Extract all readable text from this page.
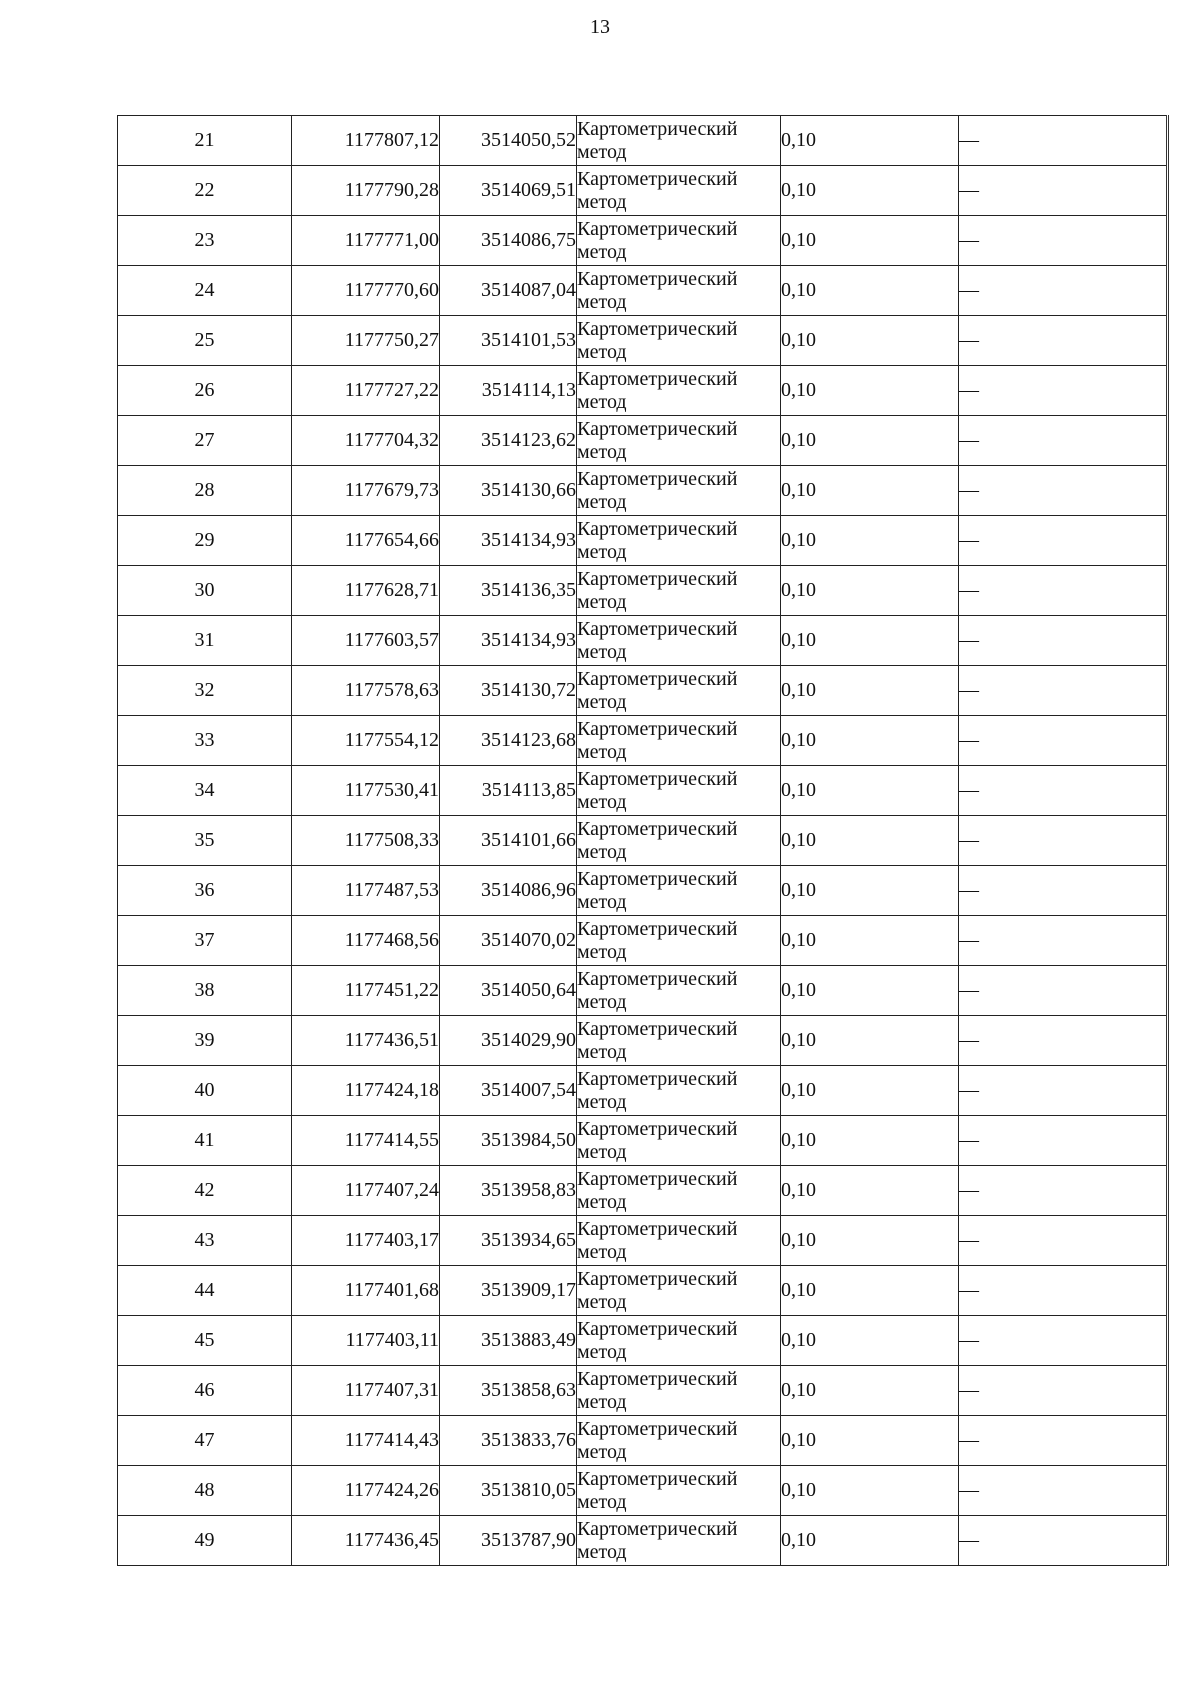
13
21	1177807,12	3514050,52	Картометрический
метод	0,10	—
22	1177790,28	3514069,51	Картометрический
метод	0,10	—
23	1177771,00	3514086,75	Картометрический
метод	0,10	—
24	1177770,60	3514087,04	Картометрический
метод	0,10	—
25	1177750,27	3514101,53	Картометрический
метод	0,10	—
26	1177727,22	3514114,13	Картометрический
метод	0,10	—
27	1177704,32	3514123,62	Картометрический
метод	0,10	—
28	1177679,73	3514130,66	Картометрический
метод	0,10	—
29	1177654,66	3514134,93	Картометрический
метод	0,10	—
30	1177628,71	3514136,35	Картометрический
метод	0,10	—
31	1177603,57	3514134,93	Картометрический
метод	0,10	—
32	1177578,63	3514130,72	Картометрический
метод	0,10	—
33	1177554,12	3514123,68	Картометрический
метод	0,10	—
34	1177530,41	3514113,85	Картометрический
метод	0,10	—
35	1177508,33	3514101,66	Картометрический
метод	0,10	—
36	1177487,53	3514086,96	Картометрический
метод	0,10	—
37	1177468,56	3514070,02	Картометрический
метод	0,10	—
38	1177451,22	3514050,64	Картометрический
метод	0,10	—
39	1177436,51	3514029,90	Картометрический
метод	0,10	—
40	1177424,18	3514007,54	Картометрический
метод	0,10	—
41	1177414,55	3513984,50	Картометрический
метод	0,10	—
42	1177407,24	3513958,83	Картометрический
метод	0,10	—
43	1177403,17	3513934,65	Картометрический
метод	0,10	—
44	1177401,68	3513909,17	Картометрический
метод	0,10	—
45	1177403,11	3513883,49	Картометрический
метод	0,10	—
46	1177407,31	3513858,63	Картометрический
метод	0,10	—
47	1177414,43	3513833,76	Картометрический
метод	0,10	—
48	1177424,26	3513810,05	Картометрический
метод	0,10	—
49	1177436,45	3513787,90	Картометрический
метод	0,10	—
